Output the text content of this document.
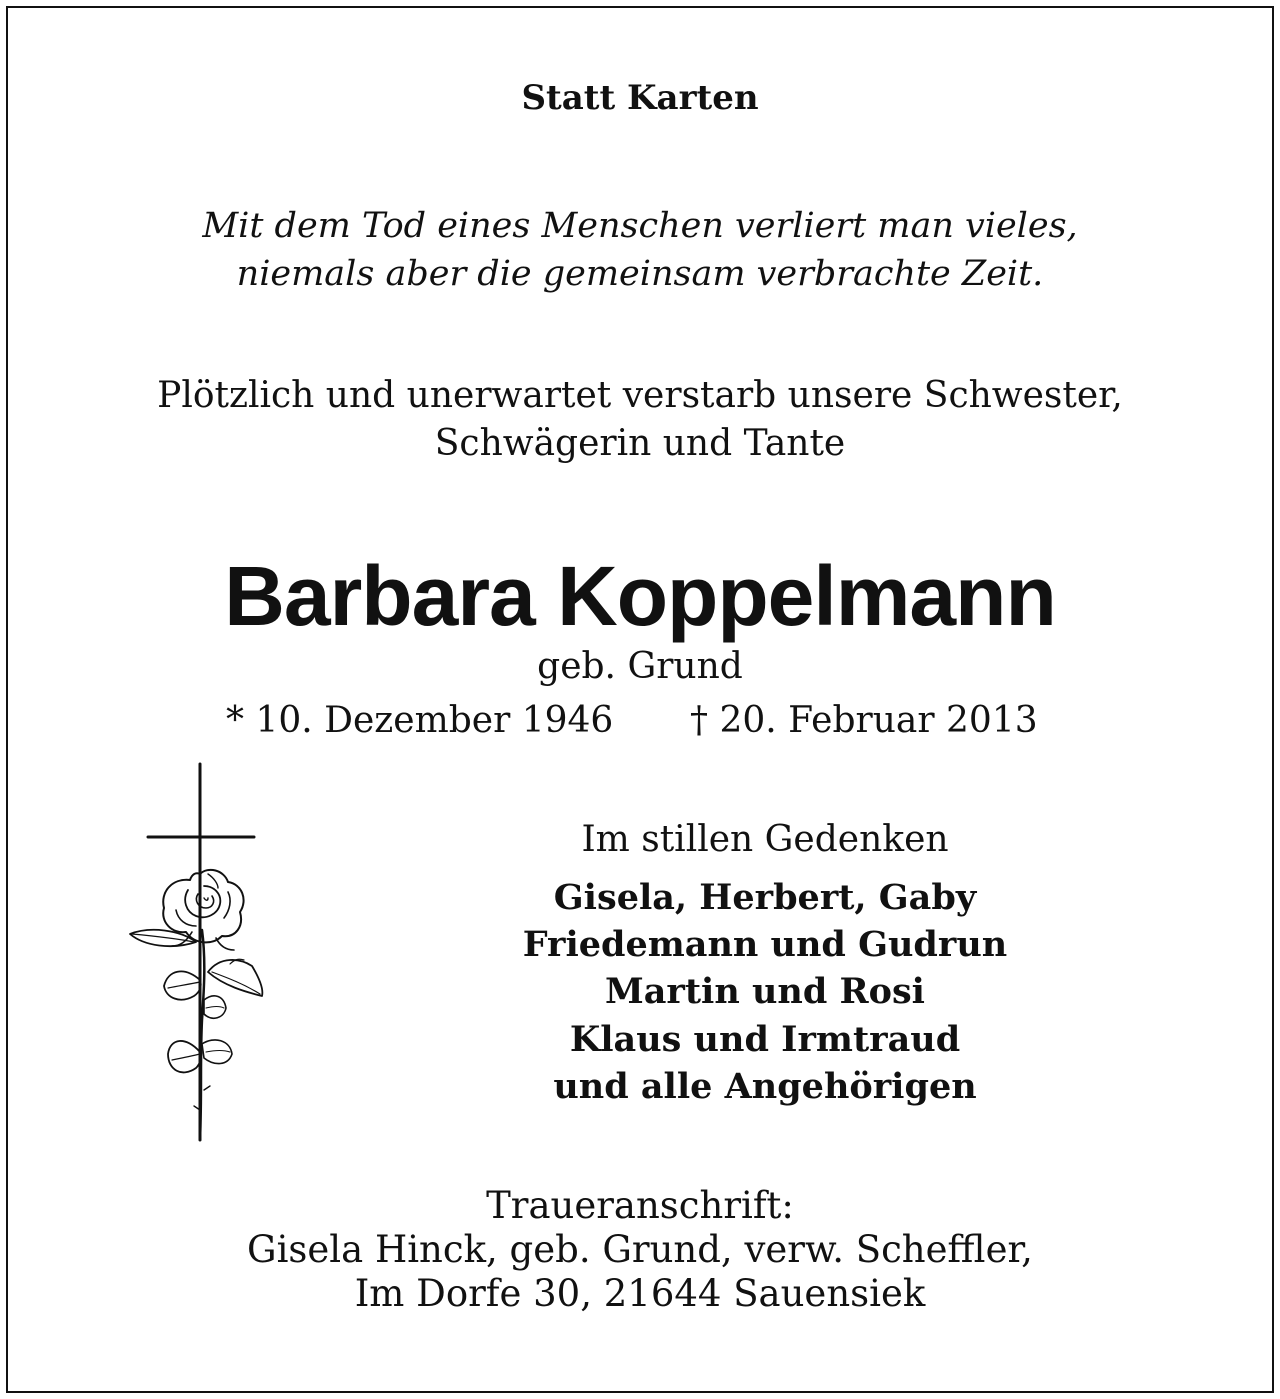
Statt Karten
Mit dem Tod eines Menschen verliert man vieles,
niemals aber die gemeinsam verbrachte Zeit.
Plötzlich und unerwartet verstarb unsere Schwester,
Schwägerin und Tante
Barbara Koppelmann
geb. Grund
* 10. Dezember 1946 † 20. Februar 2013
Im stillen Gedenken
Gisela, Herbert, Gaby
Friedemann und Gudrun
Martin und Rosi
Klaus und Irmtraud
und alle Angehörigen
Traueranschrift:
Gisela Hinck, geb. Grund, verw. Scheffler,
Im Dorfe 30, 21644 Sauensiek
